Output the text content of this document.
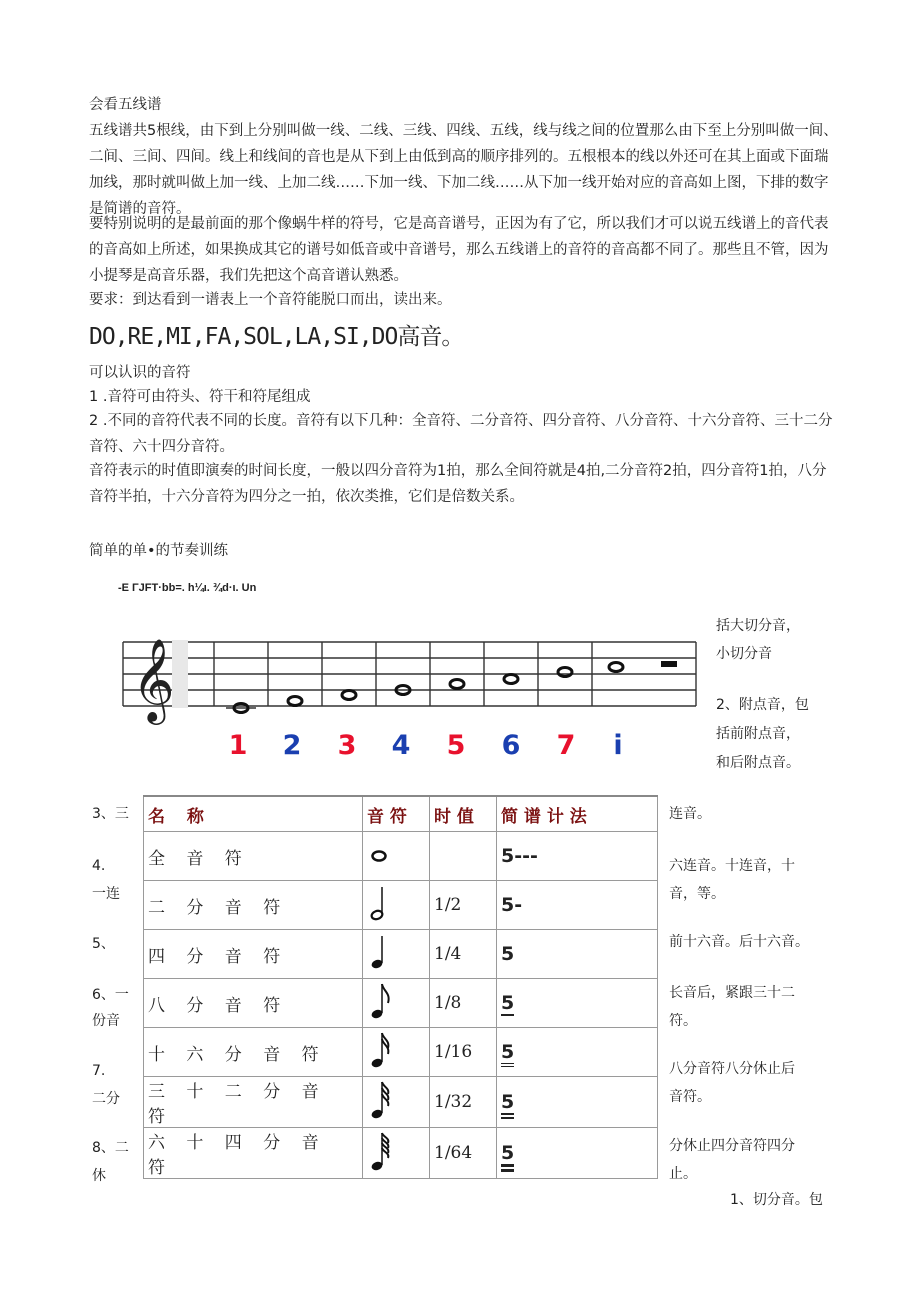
会看五线谱

五线谱共5根线，由下到上分别叫做一线、二线、三线、四线、五线，线与线之间的位置那么由下至上分别叫做一间、二间、三间、四间。线上和线间的音也是从下到上由低到高的顺序排列的。五根根本的线以外还可在其上面或下面瑞加线，那时就叫做上加一线、上加二线……下加一线、下加二线……从下加一线开始对应的音高如上图，下排的数字是简谱的音符。

要特别说明的是最前面的那个像蜗牛样的符号，它是高音谱号，正因为有了它，所以我们才可以说五线谱上的音代表的音高如上所述，如果换成其它的谱号如低音或中音谱号，那么五线谱上的音符的音高都不同了。那些且不管，因为小提琴是高音乐器，我们先把这个高音谱认熟悉。

要求：到达看到一谱表上一个音符能脱口而出，读出来。

DO,RE,MI,FA,SOL,LA,SI,DO高音。
可以认识的音符
1 .音符可由符头、符干和符尾组成

2 .不同的音符代表不同的长度。音符有以下几种：全音符、二分音符、四分音符、八分音符、十六分音符、三十二分音符、六十四分音符。

音符表示的时值即演奏的时间长度，一般以四分音符为1拍，那么全间符就是4拍,二分音符2拍，四分音符1拍，八分音符半拍，十六分音符为四分之一拍，依次类推，它们是倍数关系。

简单的单•的节奏训练
-E ΓJFT·bb=. h¼ι. ¾d·ι. Un
𝄞
1 2 3 4 5 6 7 i
括大切分音，
小切分音
2、附点音，包
括前附点音，
和后附点音。
3、三
4.
一连
5、
6、一
份音
7.
二分
8、二
休
名 称	音 符	时 值	简 谱 计 法
全 音 符			5---
二 分 音 符		1/2	5-
四 分 音 符		1/4	5
八 分 音 符		1/8	5
十 六 分 音 符		1/16	5
三 十 二 分 音 符		1/32	5
六 十 四 分 音 符		1/64	5
连音。
六连音。十连音，十
音，等。
前十六音。后十六音。
长音后，紧跟三十二
符。
八分音符八分休止后
音符。
分休止四分音符四分
止。
1、切分音。包
